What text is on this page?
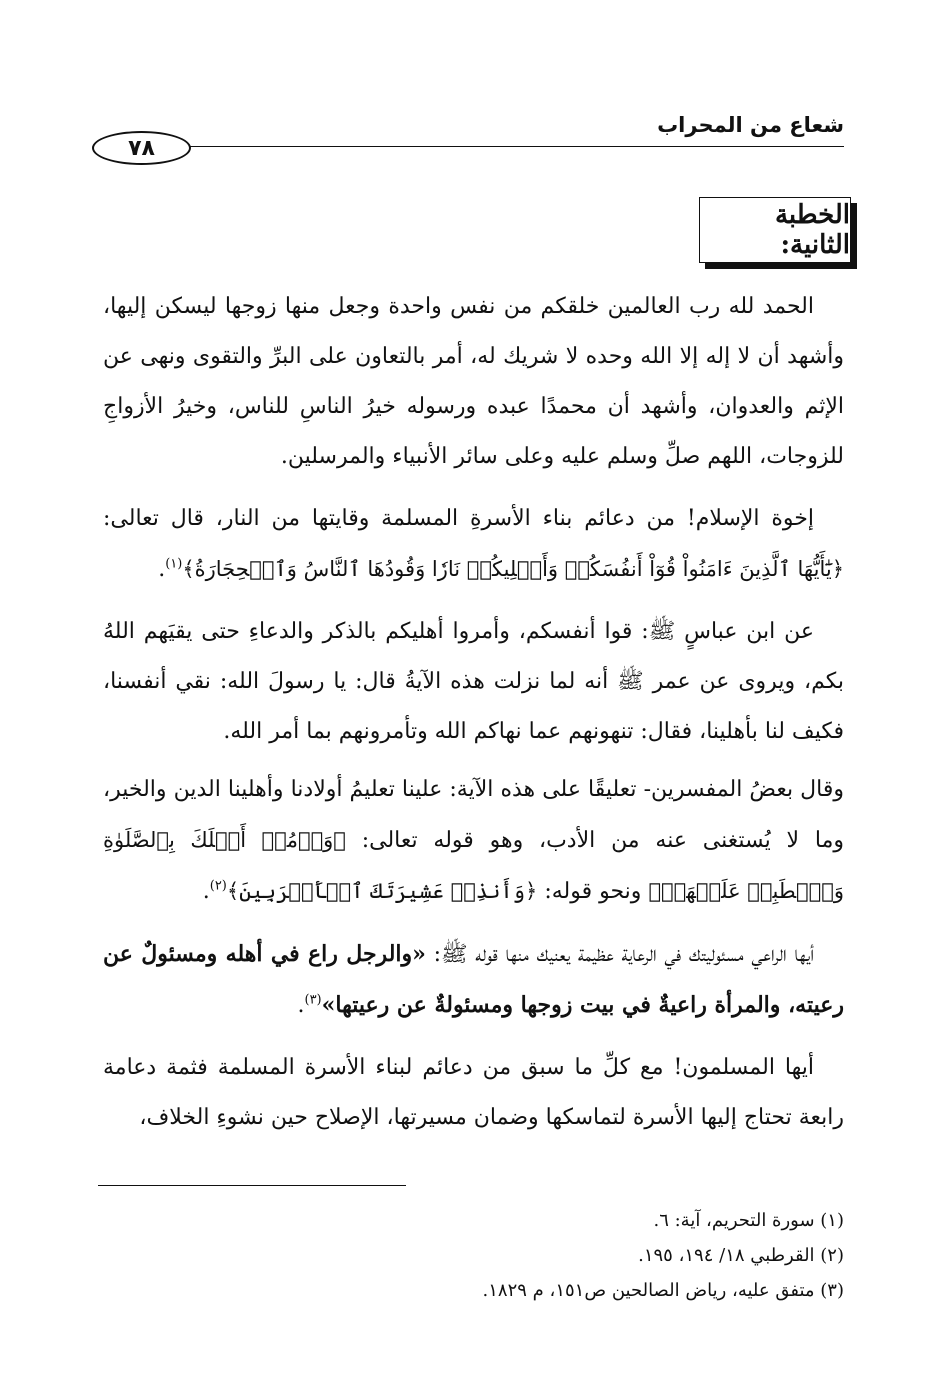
شعاع من المحراب
٧٨
الخطبة الثانية:

الحمد لله رب العالمين خلقكم من نفس واحدة وجعل منها زوجها ليسكن إليها، وأشهد أن لا إله إلا الله وحده لا شريك له، أمر بالتعاون على البرِّ والتقوى ونهى عن الإثم والعدوان، وأشهد أن محمدًا عبده ورسوله خيرُ الناسِ للناس، وخيرُ الأزواجِ للزوجات، اللهم صلِّ وسلم عليه وعلى سائر الأنبياء والمرسلين.

إخوة الإسلام! من دعائم بناء الأسرةِ المسلمة وقايتها من النار، قال تعالى: ﴿يَٰٓأَيُّهَا ٱلَّذِينَ ءَامَنُواْ قُوٓاْ أَنفُسَكُمۡ وَأَهۡلِيكُمۡ نَارٗا وَقُودُهَا ٱلنَّاسُ وَٱلۡحِجَارَةُ﴾$^{(١)}$.

عن ابن عباسٍ ﷺ: قوا أنفسكم، وأمروا أهليكم بالذكر والدعاءِ حتى يقيَهم اللهُ بكم، ويروى عن عمر ﷺ أنه لما نزلت هذه الآيةُ قال: يا رسولَ الله: نقي أنفسنا، فكيف لنا بأهلينا، فقال: تنهونهم عما نهاكم الله وتأمرونهم بما أمر الله.

وقال بعضُ المفسرين- تعليقًا على هذه الآية: علينا تعليمُ أولادنا وأهلينا الدين والخير، وما لا يُستغنى عنه من الأدب، وهو قوله تعالى: ﴿وَأۡمُرۡ أَهۡلَكَ بِٱلصَّلَوٰةِ وَٱصۡطَبِرۡ عَلَيۡهَاۖ﴾ ونحو قوله: ﴿وَأَنذِرۡ عَشِيرَتَكَ ٱلۡأَقۡرَبِينَ﴾$^{(٢)}$.

أيها الراعي مسئوليتك في الرعاية عظيمة يعنيك منها قوله ﷺ: «والرجل راع في أهله ومسئولٌ عن رعيته، والمرأة راعيةٌ في بيت زوجها ومسئولةٌ عن رعيتها»$^{(٣)}$.

أيها المسلمون! مع كلِّ ما سبق من دعائم لبناء الأسرة المسلمة فثمة دعامة رابعة تحتاج إليها الأسرة لتماسكها وضمان مسيرتها، الإصلاح حين نشوءِ الخلاف،

(١) سورة التحريم، آية: ٦.
(٢) القرطبي ١٨/ ١٩٤، ١٩٥.
(٣) متفق عليه، رياض الصالحين ص١٥١، م ١٨٢٩.
